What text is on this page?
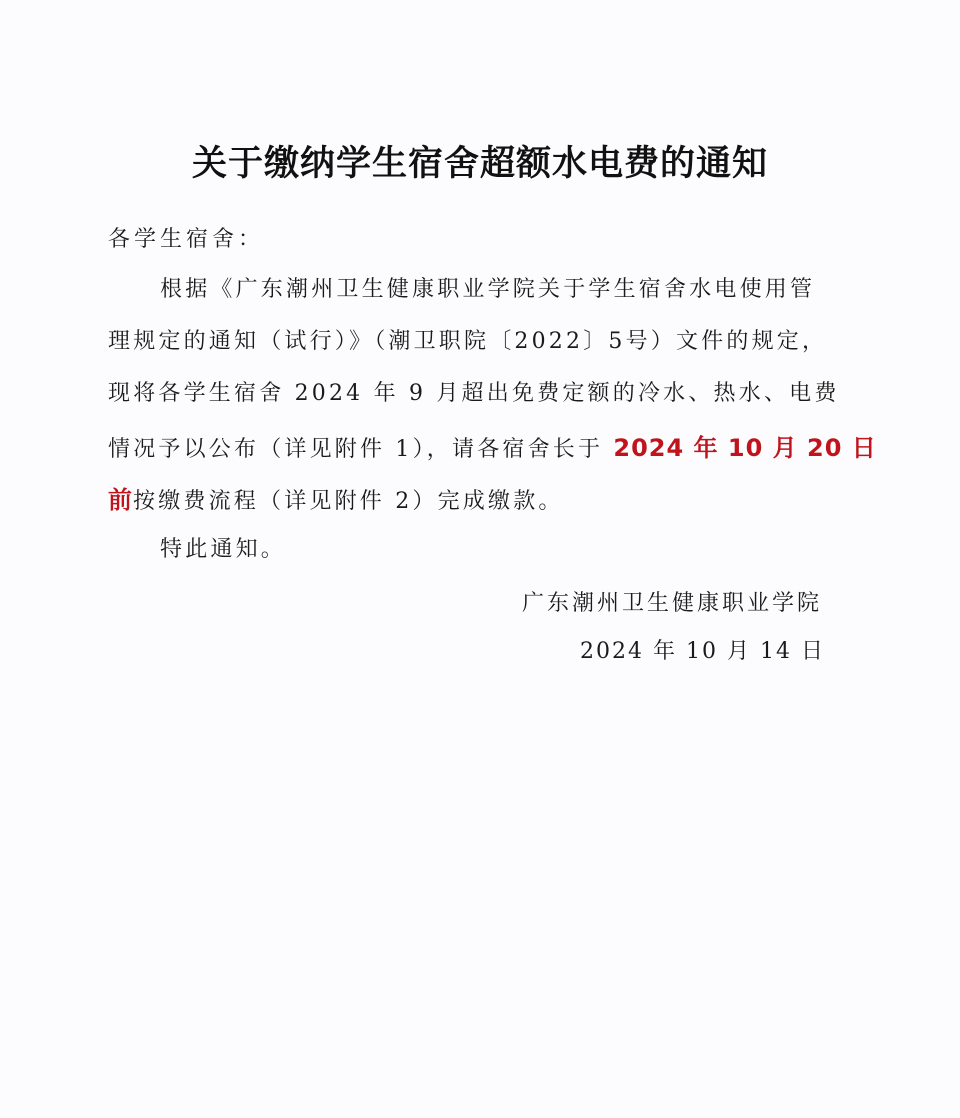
关于缴纳学生宿舍超额水电费的通知

各学生宿舍：

根据《广东潮州卫生健康职业学院关于学生宿舍水电使用管

理规定的通知（试行）》（潮卫职院〔2022〕5号）文件的规定，

现将各学生宿舍 2024 年 9 月超出免费定额的冷水、热水、电费

情况予以公布（详见附件 1），请各宿舍长于 2024 年 10 月 20 日

前按缴费流程（详见附件 2）完成缴款。

特此通知。

广东潮州卫生健康职业学院

2024 年 10 月 14 日
